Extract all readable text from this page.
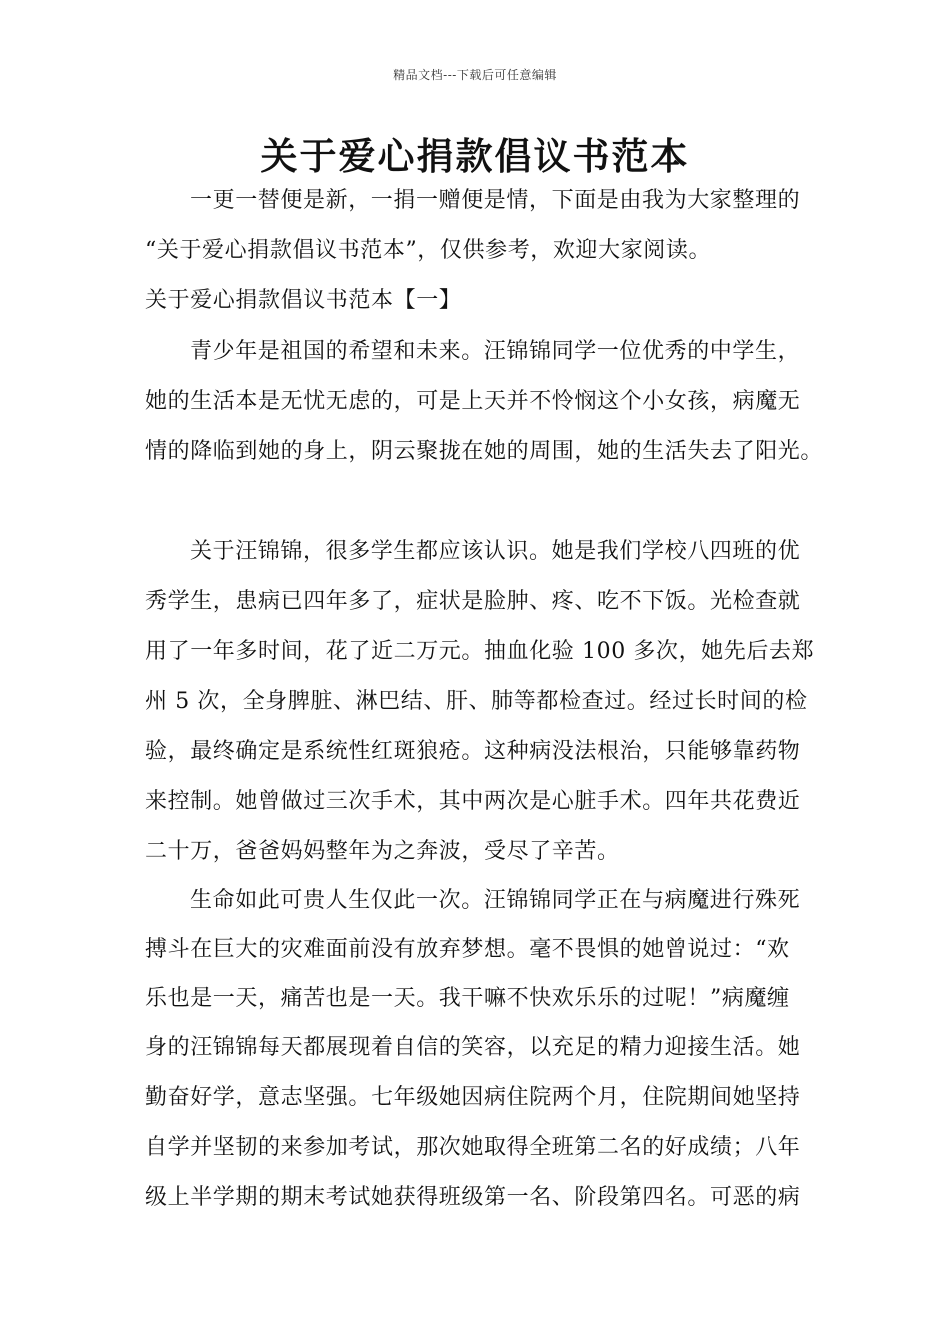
精品文档---下载后可任意编辑
关于爱心捐款倡议书范本
一更一替便是新，一捐一赠便是情，下面是由我为大家整理的
“关于爱心捐款倡议书范本”，仅供参考，欢迎大家阅读。
关于爱心捐款倡议书范本【一】
青少年是祖国的希望和未来。汪锦锦同学一位优秀的中学生，
她的生活本是无忧无虑的，可是上天并不怜悯这个小女孩，病魔无
情的降临到她的身上，阴云聚拢在她的周围，她的生活失去了阳光。
关于汪锦锦，很多学生都应该认识。她是我们学校八四班的优
秀学生，患病已四年多了，症状是脸肿、疼、吃不下饭。光检查就
用了一年多时间，花了近二万元。抽血化验 100 多次，她先后去郑
州 5 次，全身脾脏、淋巴结、肝、肺等都检查过。经过长时间的检
验，最终确定是系统性红斑狼疮。这种病没法根治，只能够靠药物
来控制。她曾做过三次手术，其中两次是心脏手术。四年共花费近
二十万，爸爸妈妈整年为之奔波，受尽了辛苦。
生命如此可贵人生仅此一次。汪锦锦同学正在与病魔进行殊死
搏斗在巨大的灾难面前没有放弃梦想。毫不畏惧的她曾说过：“欢
乐也是一天，痛苦也是一天。我干嘛不快欢乐乐的过呢！”病魔缠
身的汪锦锦每天都展现着自信的笑容，以充足的精力迎接生活。她
勤奋好学，意志坚强。七年级她因病住院两个月，住院期间她坚持
自学并坚韧的来参加考试，那次她取得全班第二名的好成绩；八年
级上半学期的期末考试她获得班级第一名、阶段第四名。可恶的病
